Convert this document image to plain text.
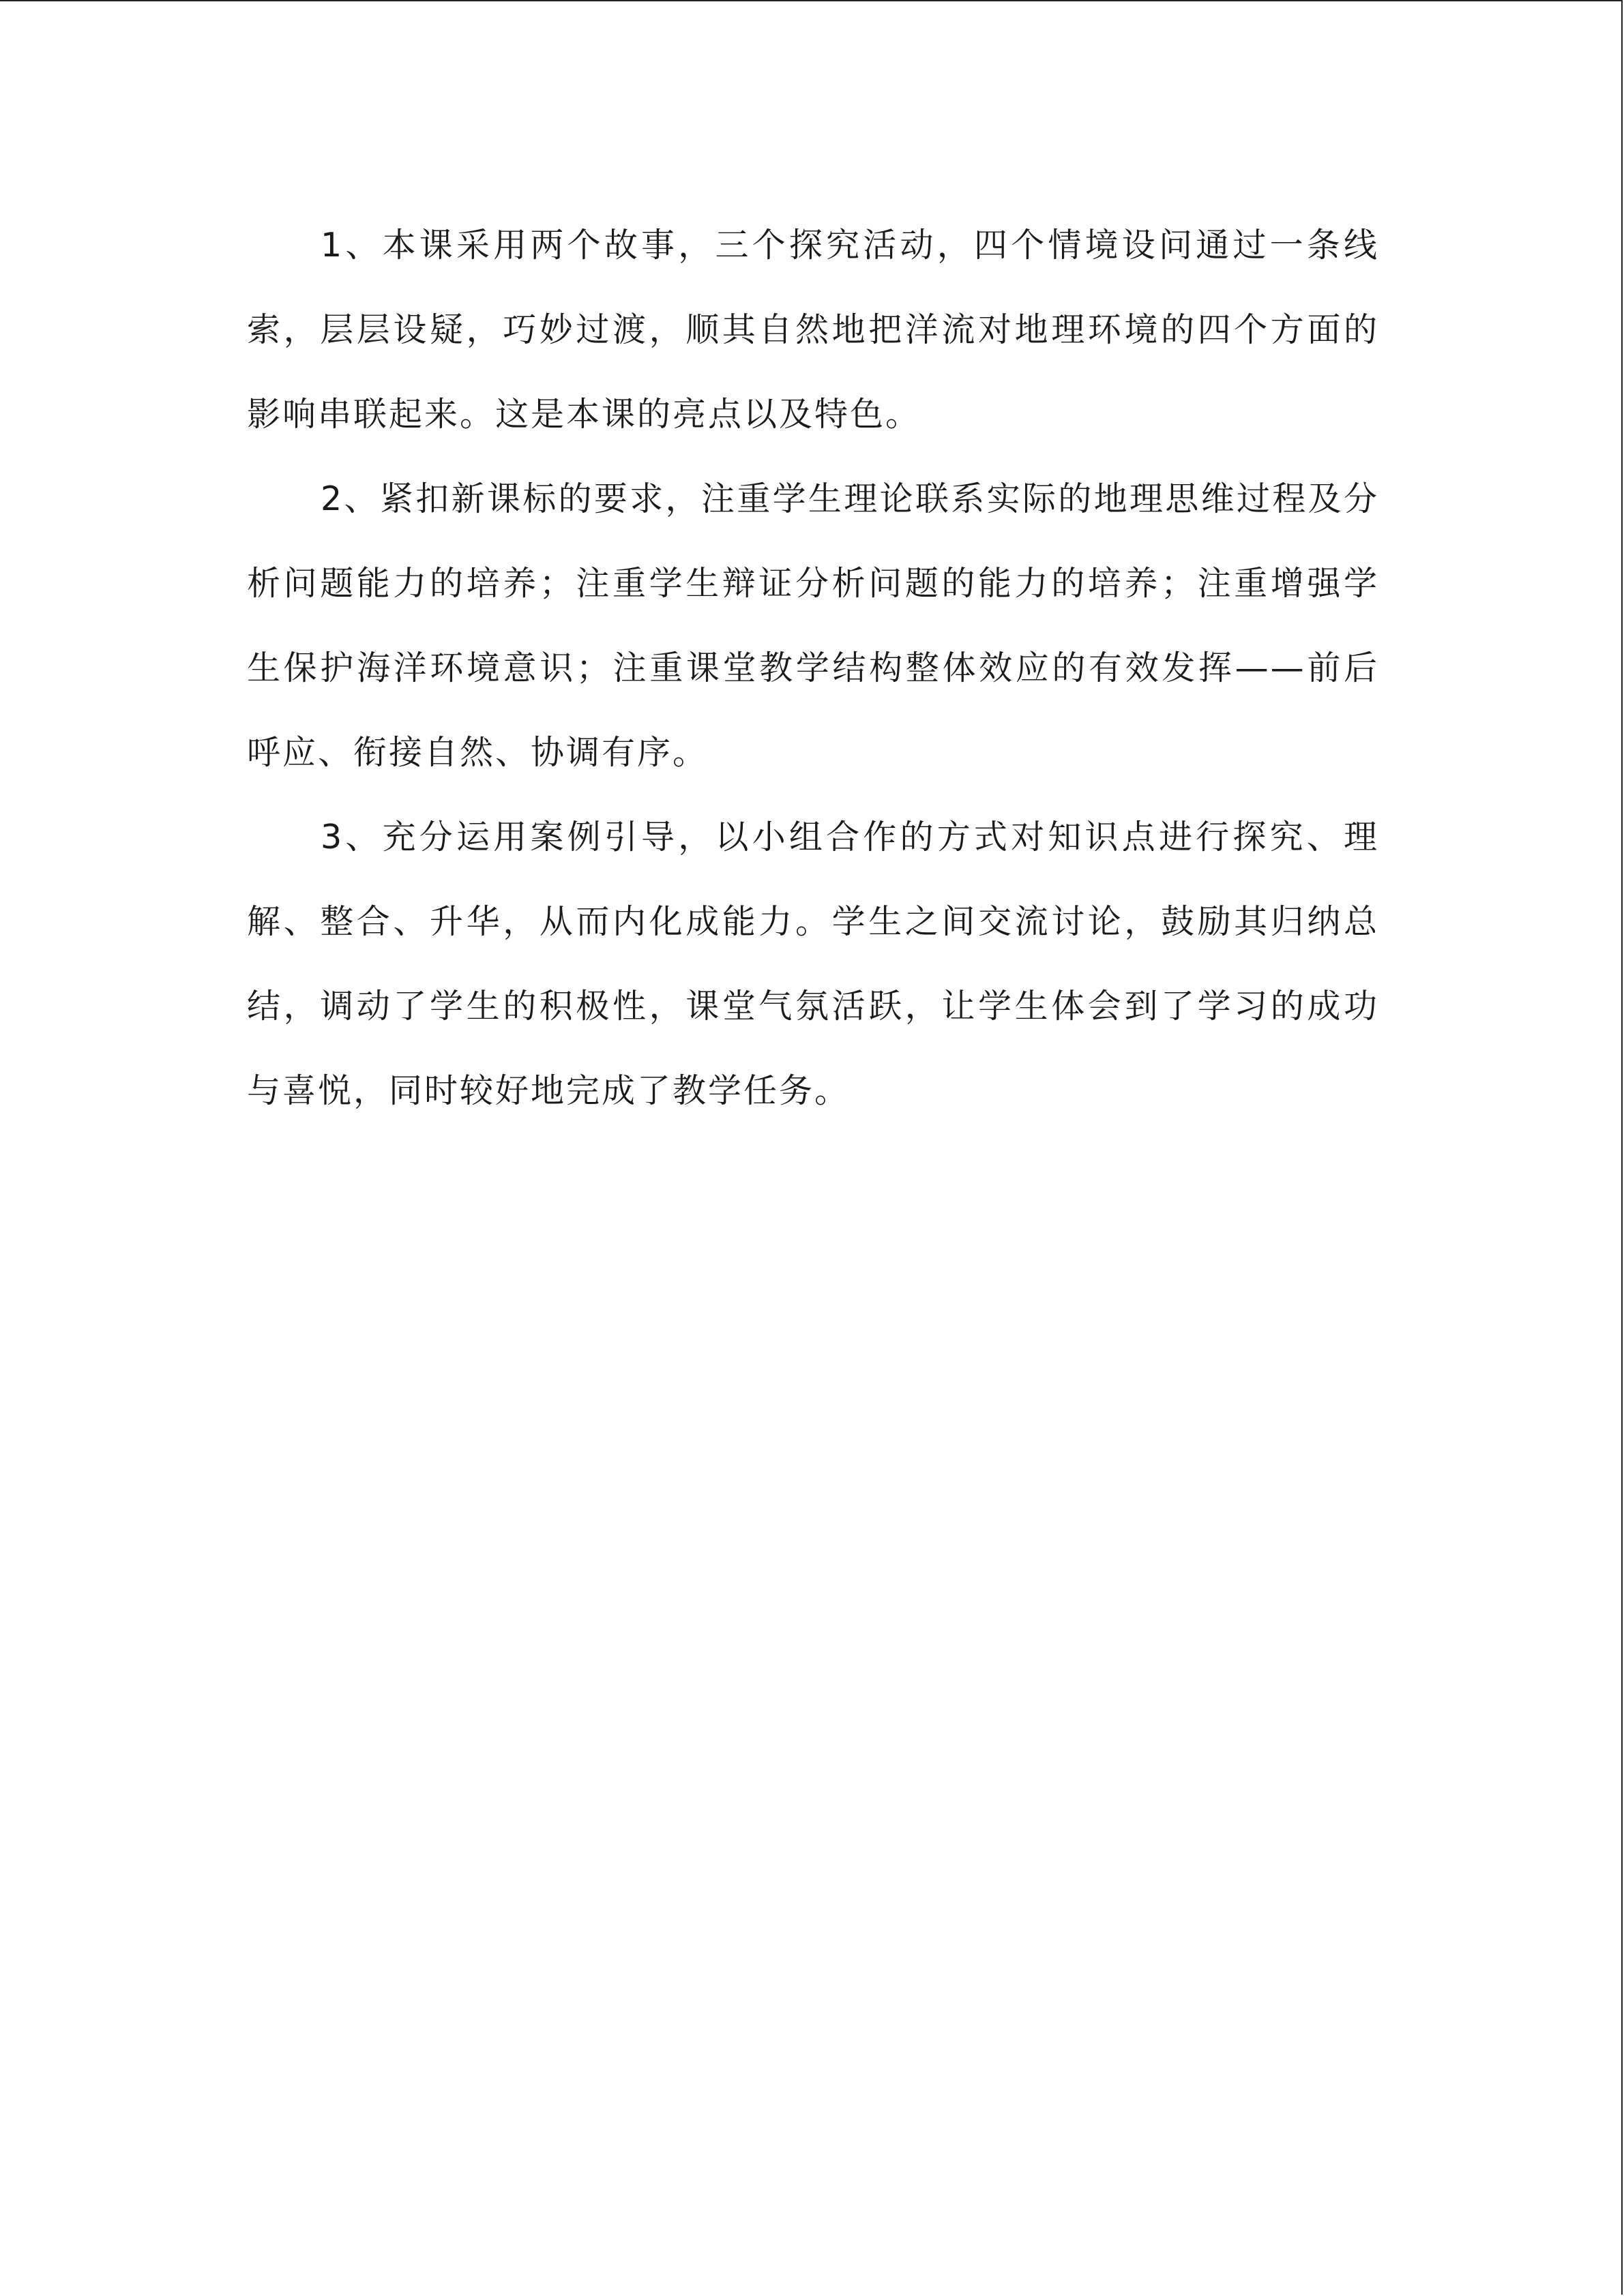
1、本课采用两个故事，三个探究活动，四个情境设问通过一条线索，层层设疑，巧妙过渡，顺其自然地把洋流对地理环境的四个方面的影响串联起来。这是本课的亮点以及特色。

2、紧扣新课标的要求，注重学生理论联系实际的地理思维过程及分析问题能力的培养；注重学生辩证分析问题的能力的培养；注重增强学生保护海洋环境意识；注重课堂教学结构整体效应的有效发挥——前后呼应、衔接自然、协调有序。

3、充分运用案例引导，以小组合作的方式对知识点进行探究、理解、整合、升华，从而内化成能力。学生之间交流讨论，鼓励其归纳总结，调动了学生的积极性，课堂气氛活跃，让学生体会到了学习的成功与喜悦，同时较好地完成了教学任务。
